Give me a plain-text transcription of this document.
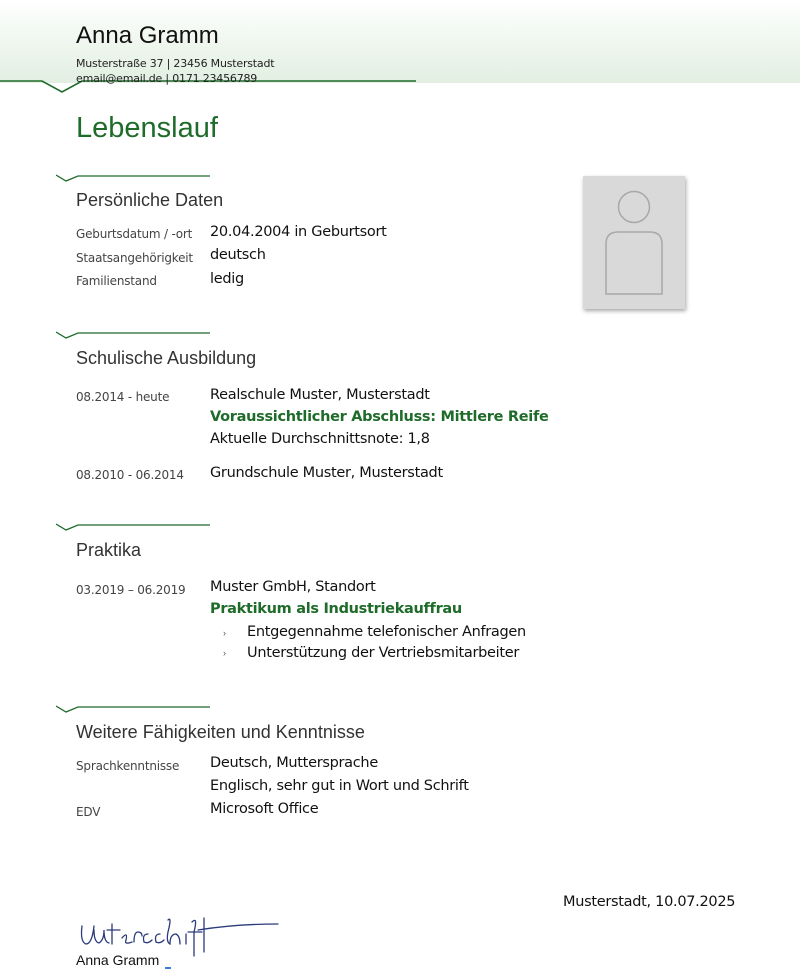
Anna Gramm
Musterstraße 37 | 23456 Musterstadt
email@email.de | 0171 23456789
Lebenslauf
Persönliche Daten
Geburtsdatum / -ort 20.04.2004 in Geburtsort
Staatsangehörigkeit deutsch
Familienstand	ledig
Schulische Ausbildung
08.2014 - heute	Realschule Muster, Musterstadt
Voraussichtlicher Abschluss: Mittlere Reife
Aktuelle Durchschnittsnote: 1,8
08.2010 - 06.2014 Grundschule Muster, Musterstadt
Praktika
03.2019 – 06.2019 Muster GmbH, Standort
Praktikum als Industriekauffrau
› Entgegennahme telefonischer Anfragen
› Unterstützung der Vertriebsmitarbeiter
Weitere Fähigkeiten und Kenntnisse
Sprachkenntnisse Deutsch, Muttersprache
Englisch, sehr gut in Wort und Schrift
EDV	Microsoft Office
Musterstadt, 10.07.2025
Anna Gramm
